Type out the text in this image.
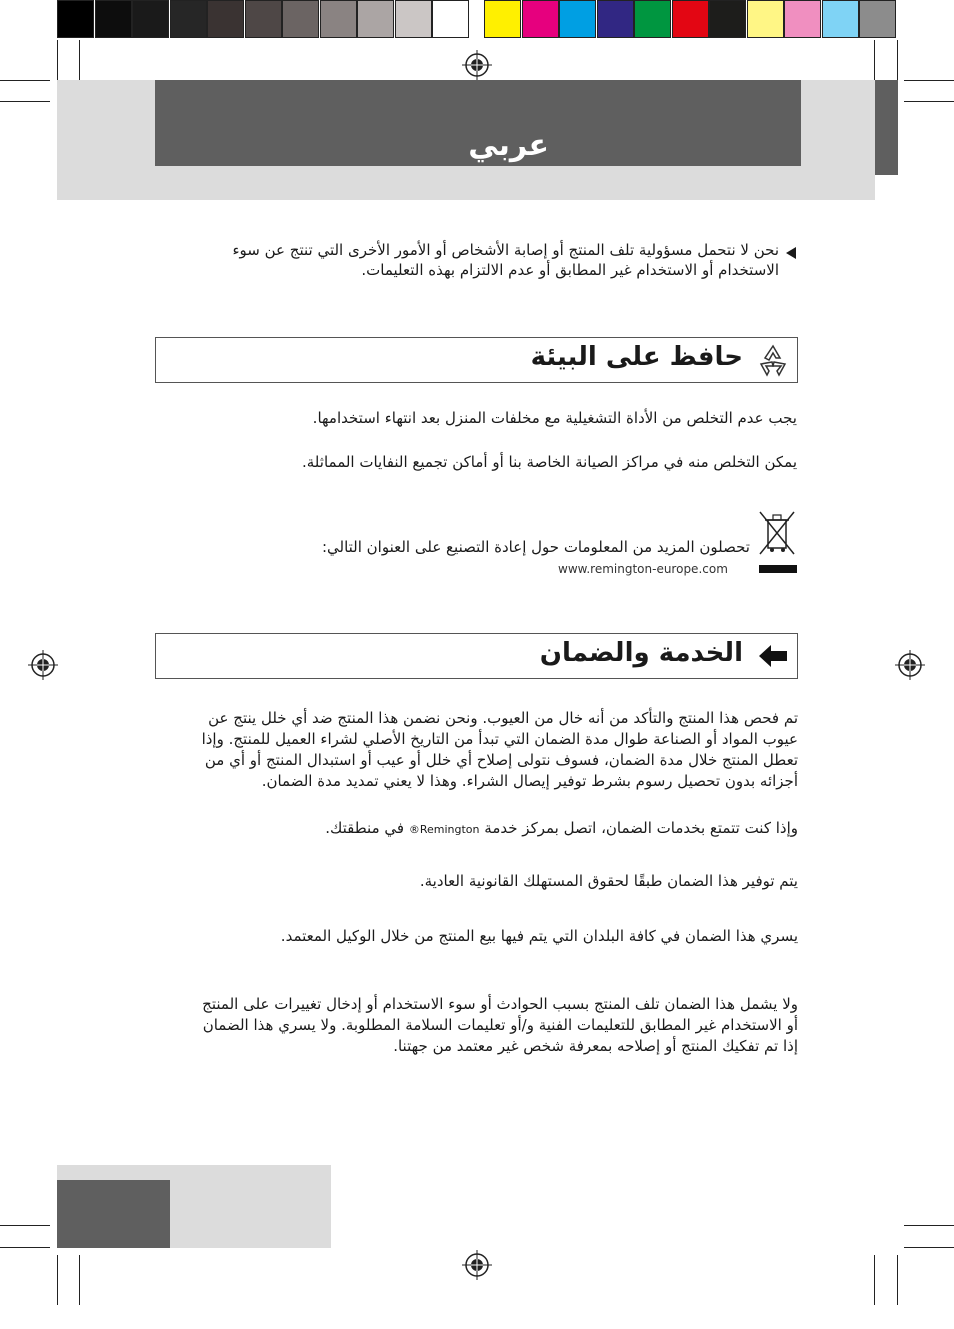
عربي
نحن لا نتحمل مسؤولية تلف المنتج أو إصابة الأشخاص أو الأمور الأخرى التي تنتج عن سوء الاستخدام أو الاستخدام غير المطابق أو عدم الالتزام بهذه التعليمات.
حافظ على البيئة
يجب عدم التخلص من الأداة التشغيلية مع مخلفات المنزل بعد انتهاء استخدامها.
يمكن التخلص منه في مراكز الصيانة الخاصة بنا أو أماكن تجميع النفايات المماثلة.
تحصلون المزيد من المعلومات حول إعادة التصنيع على العنوان التالي:
www.remington-europe.com
الخدمة والضمان
تم فحص هذا المنتج والتأكد من أنه خال من العيوب. ونحن نضمن هذا المنتج ضد أي خلل ينتج عن عيوب المواد أو الصناعة طوال مدة الضمان التي تبدأ من التاريخ الأصلي لشراء العميل للمنتج. وإذا تعطل المنتج خلال مدة الضمان، فسوف نتولى إصلاح أي خلل أو عيب أو استبدال المنتج أو أي من أجزائه بدون تحصيل رسوم بشرط توفير إيصال الشراء. وهذا لا يعني تمديد مدة الضمان.
وإذا كنت تتمتع بخدمات الضمان، اتصل بمركز خدمة Remington® في منطقتك.
يتم توفير هذا الضمان طبقًا لحقوق المستهلك القانونية العادية.
يسري هذا الضمان في كافة البلدان التي يتم فيها بيع المنتج من خلال الوكيل المعتمد.
ولا يشمل هذا الضمان تلف المنتج بسبب الحوادث أو سوء الاستخدام أو إدخال تغييرات على المنتج أو الاستخدام غير المطابق للتعليمات الفنية و/أو تعليمات السلامة المطلوبة. ولا يسري هذا الضمان إذا تم تفكيك المنتج أو إصلاحه بمعرفة شخص غير معتمد من جهتنا.
